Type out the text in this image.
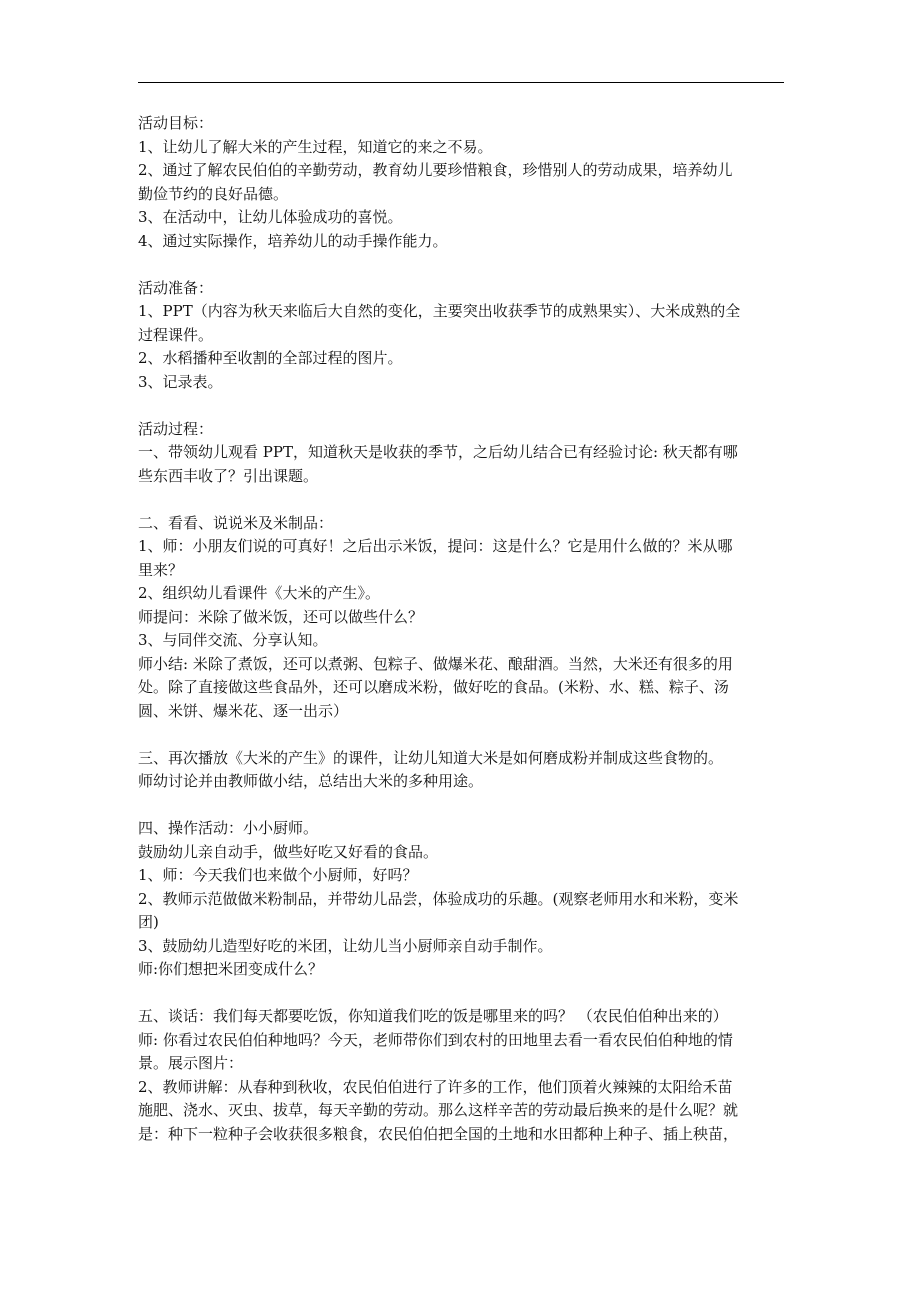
活动目标：
1、让幼儿了解大米的产生过程，知道它的来之不易。
2、通过了解农民伯伯的辛勤劳动，教育幼儿要珍惜粮食，珍惜别人的劳动成果，培养幼儿
勤俭节约的良好品德。
3、在活动中，让幼儿体验成功的喜悦。
4、通过实际操作，培养幼儿的动手操作能力。
活动准备：
1、PPT（内容为秋天来临后大自然的变化，主要突出收获季节的成熟果实）、大米成熟的全
过程课件。
2、水稻播种至收割的全部过程的图片。
3、记录表。
活动过程：
一、带领幼儿观看 PPT，知道秋天是收获的季节，之后幼儿结合已有经验讨论: 秋天都有哪
些东西丰收了？引出课题。
二、看看、说说米及米制品：
1、师：小朋友们说的可真好！之后出示米饭，提问：这是什么？它是用什么做的？米从哪
里来？
2、组织幼儿看课件《大米的产生》。
师提问：米除了做米饭，还可以做些什么？
3、与同伴交流、分享认知。
师小结: 米除了煮饭，还可以煮粥、包粽子、做爆米花、酿甜酒。当然，大米还有很多的用
处。除了直接做这些食品外，还可以磨成米粉，做好吃的食品。(米粉、水、糕、粽子、汤
圆、米饼、爆米花、逐一出示）
三、再次播放《大米的产生》的课件，让幼儿知道大米是如何磨成粉并制成这些食物的。
师幼讨论并由教师做小结，总结出大米的多种用途。
四、操作活动：小小厨师。
鼓励幼儿亲自动手，做些好吃又好看的食品。
1、师：今天我们也来做个小厨师，好吗？
2、教师示范做做米粉制品，并带幼儿品尝，体验成功的乐趣。(观察老师用水和米粉，变米
团)
3、鼓励幼儿造型好吃的米团，让幼儿当小厨师亲自动手制作。
师:你们想把米团变成什么？
五、谈话：我们每天都要吃饭，你知道我们吃的饭是哪里来的吗？ （农民伯伯种出来的）
师: 你看过农民伯伯种地吗？今天，老师带你们到农村的田地里去看一看农民伯伯种地的情
景。展示图片：
2、教师讲解：从春种到秋收，农民伯伯进行了许多的工作，他们顶着火辣辣的太阳给禾苗
施肥、浇水、灭虫、拔草，每天辛勤的劳动。那么这样辛苦的劳动最后换来的是什么呢？就
是：种下一粒种子会收获很多粮食，农民伯伯把全国的土地和水田都种上种子、插上秧苗，
